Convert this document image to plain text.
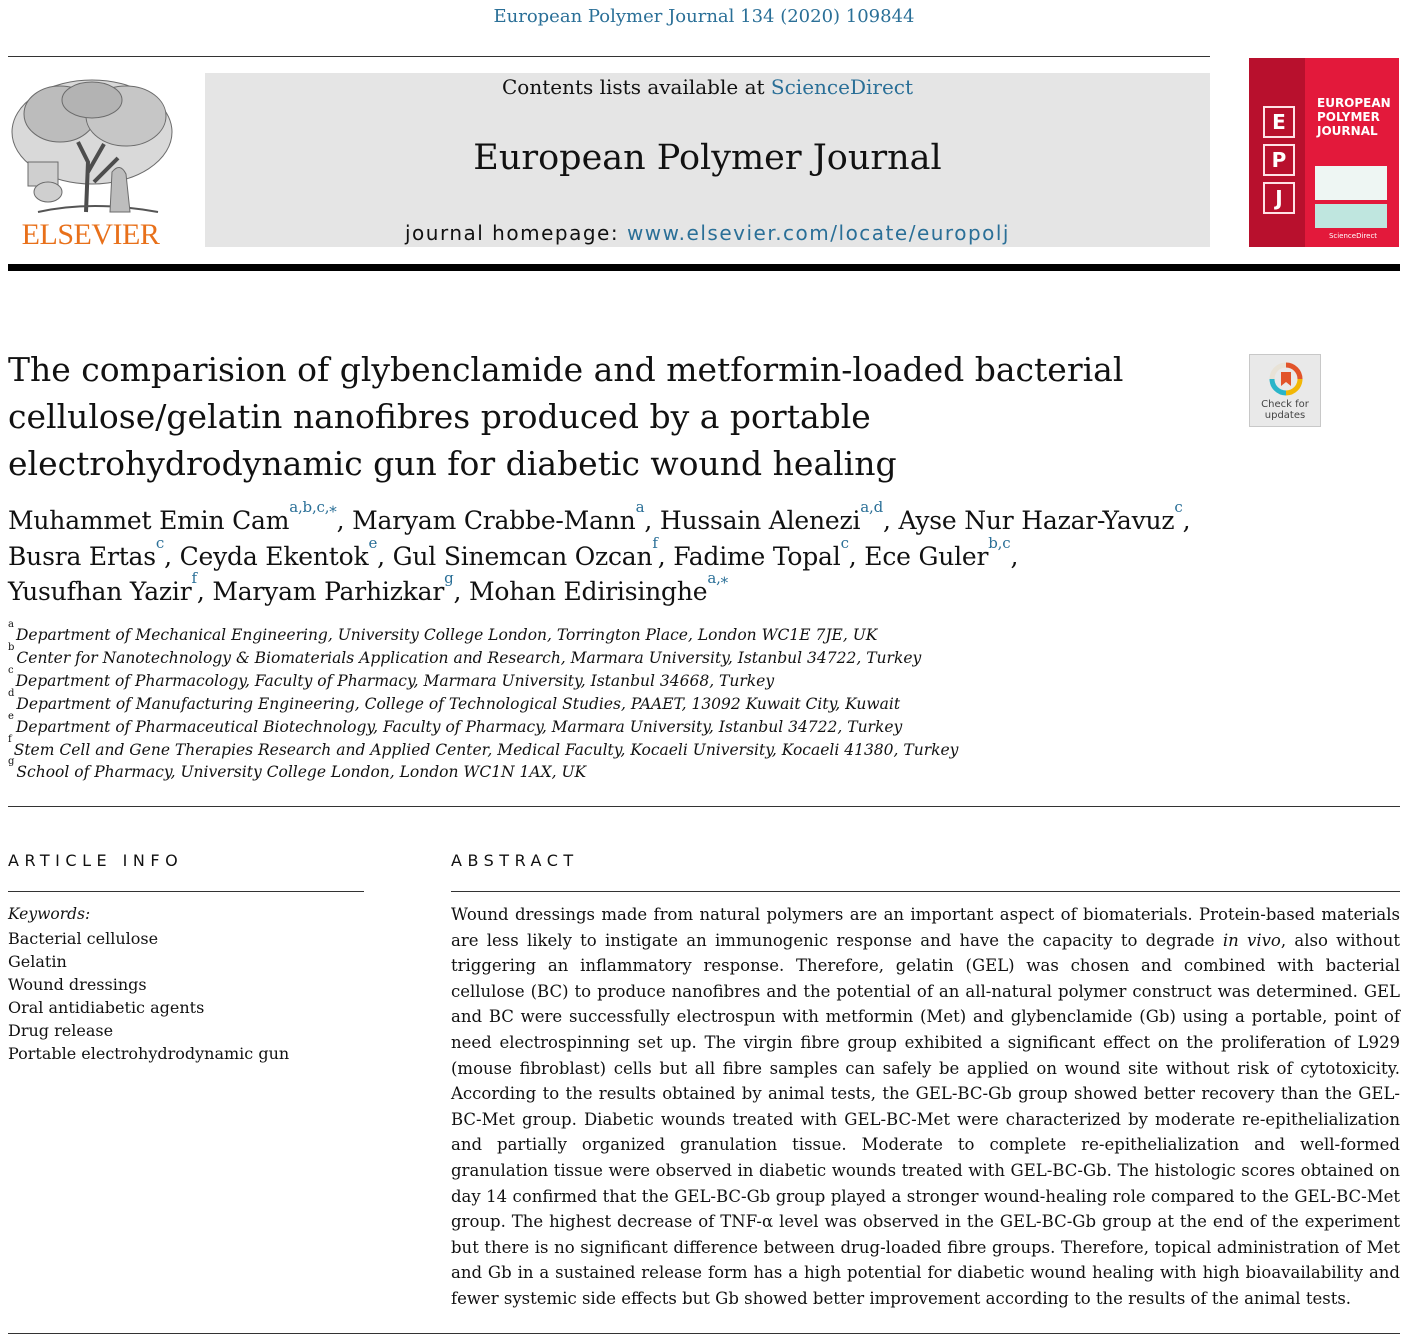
European Polymer Journal 134 (2020) 109844
ELSEVIER
Contents lists available at ScienceDirect
European Polymer Journal
journal homepage: www.elsevier.com/locate/europolj
E
P
J
EUROPEAN
POLYMER
JOURNAL
ScienceDirect
Check for
updates
The comparision of glybenclamide and metformin-loaded bacterial cellulose/gelatin nanofibres produced by a portable electrohydrodynamic gun for diabetic wound healing

Muhammet Emin Cam$^{a,b,c,⁎}$, Maryam Crabbe-Mann$^a$, Hussain Alenezi$^{a,d}$, Ayse Nur Hazar-Yavuz$^c$,
Busra Ertas$^c$, Ceyda Ekentok$^e$, Gul Sinemcan Ozcan$^f$, Fadime Topal$^c$, Ece Guler$^{b,c}$,
Yusufhan Yazir$^f$, Maryam Parhizkar$^g$, Mohan Edirisinghe$^{a,⁎}$

$^a$Department of Mechanical Engineering, University College London, Torrington Place, London WC1E 7JE, UK
$^b$Center for Nanotechnology & Biomaterials Application and Research, Marmara University, Istanbul 34722, Turkey
$^c$Department of Pharmacology, Faculty of Pharmacy, Marmara University, Istanbul 34668, Turkey
$^d$Department of Manufacturing Engineering, College of Technological Studies, PAAET, 13092 Kuwait City, Kuwait
$^e$Department of Pharmaceutical Biotechnology, Faculty of Pharmacy, Marmara University, Istanbul 34722, Turkey
$^f$Stem Cell and Gene Therapies Research and Applied Center, Medical Faculty, Kocaeli University, Kocaeli 41380, Turkey
$^g$School of Pharmacy, University College London, London WC1N 1AX, UK
ARTICLE INFO
Keywords:
Bacterial cellulose
Gelatin
Wound dressings
Oral antidiabetic agents
Drug release
Portable electrohydrodynamic gun
ABSTRACT

Wound dressings made from natural polymers are an important aspect of biomaterials. Protein-based materials are less likely to instigate an immunogenic response and have the capacity to degrade in vivo, also without triggering an inflammatory response. Therefore, gelatin (GEL) was chosen and combined with bacterial cellulose (BC) to produce nanofibres and the potential of an all-natural polymer construct was determined. GEL and BC were successfully electrospun with metformin (Met) and glybenclamide (Gb) using a portable, point of need electrospinning set up. The virgin fibre group exhibited a significant effect on the proliferation of L929 (mouse fibroblast) cells but all fibre samples can safely be applied on wound site without risk of cytotoxicity. According to the results obtained by animal tests, the GEL-BC-Gb group showed better recovery than the GEL-BC-Met group. Diabetic wounds treated with GEL-BC-Met were characterized by moderate re-epithelialization and partially organized granulation tissue. Moderate to complete re-epithelialization and well-formed granulation tissue were observed in diabetic wounds treated with GEL-BC-Gb. The histologic scores obtained on day 14 confirmed that the GEL-BC-Gb group played a stronger wound-healing role compared to the GEL-BC-Met group. The highest decrease of TNF-α level was observed in the GEL-BC-Gb group at the end of the experiment but there is no significant difference between drug-loaded fibre groups. Therefore, topical administration of Met and Gb in a sustained release form has a high potential for diabetic wound healing with high bioavailability and fewer systemic side effects but Gb showed better improvement according to the results of the animal tests.
